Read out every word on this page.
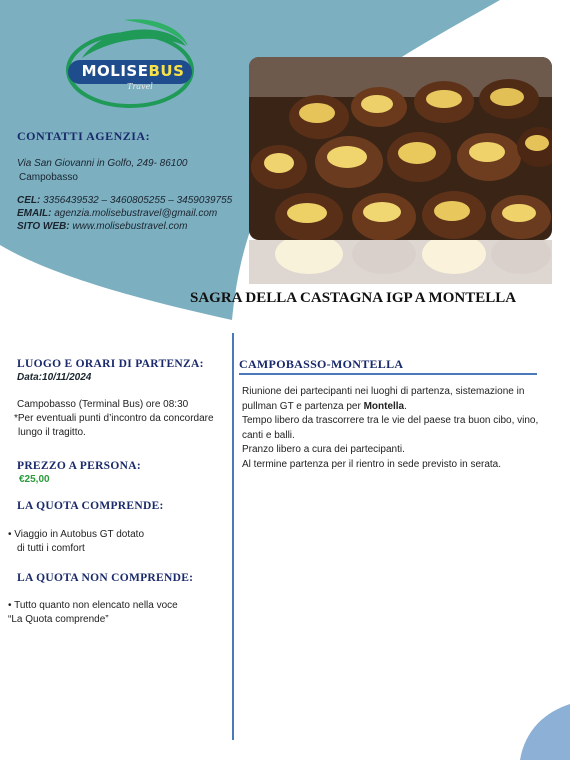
MOLISEBUS
Travel
CONTATTI AGENZIA:
Via San Giovanni in Golfo, 249- 86100
Campobasso
CEL: 3356439532 – 3460805255 – 3459039755
EMAIL: agenzia.molisebustravel@gmail.com
SITO WEB: www.molisebustravel.com
SAGRA DELLA CASTAGNA IGP A MONTELLA
LUOGO E ORARI DI PARTENZA:
Data:10/11/2024
Campobasso (Terminal Bus) ore 08:30
*Per eventuali punti d’incontro da concordare
lungo il tragitto.
PREZZO A PERSONA:
€25,00
LA QUOTA COMPRENDE:
• Viaggio in Autobus GT dotato
di tutti i comfort
LA QUOTA NON COMPRENDE:
• Tutto quanto non elencato nella voce
“La Quota comprende”
CAMPOBASSO-MONTELLA

Riunione dei partecipanti nei luoghi di partenza, sistemazione in

pullman GT e partenza per Montella.

Tempo libero da trascorrere tra le vie del paese tra buon cibo, vino,

canti e balli.

Pranzo libero a cura dei partecipanti.

Al termine partenza per il rientro in sede previsto in serata.
